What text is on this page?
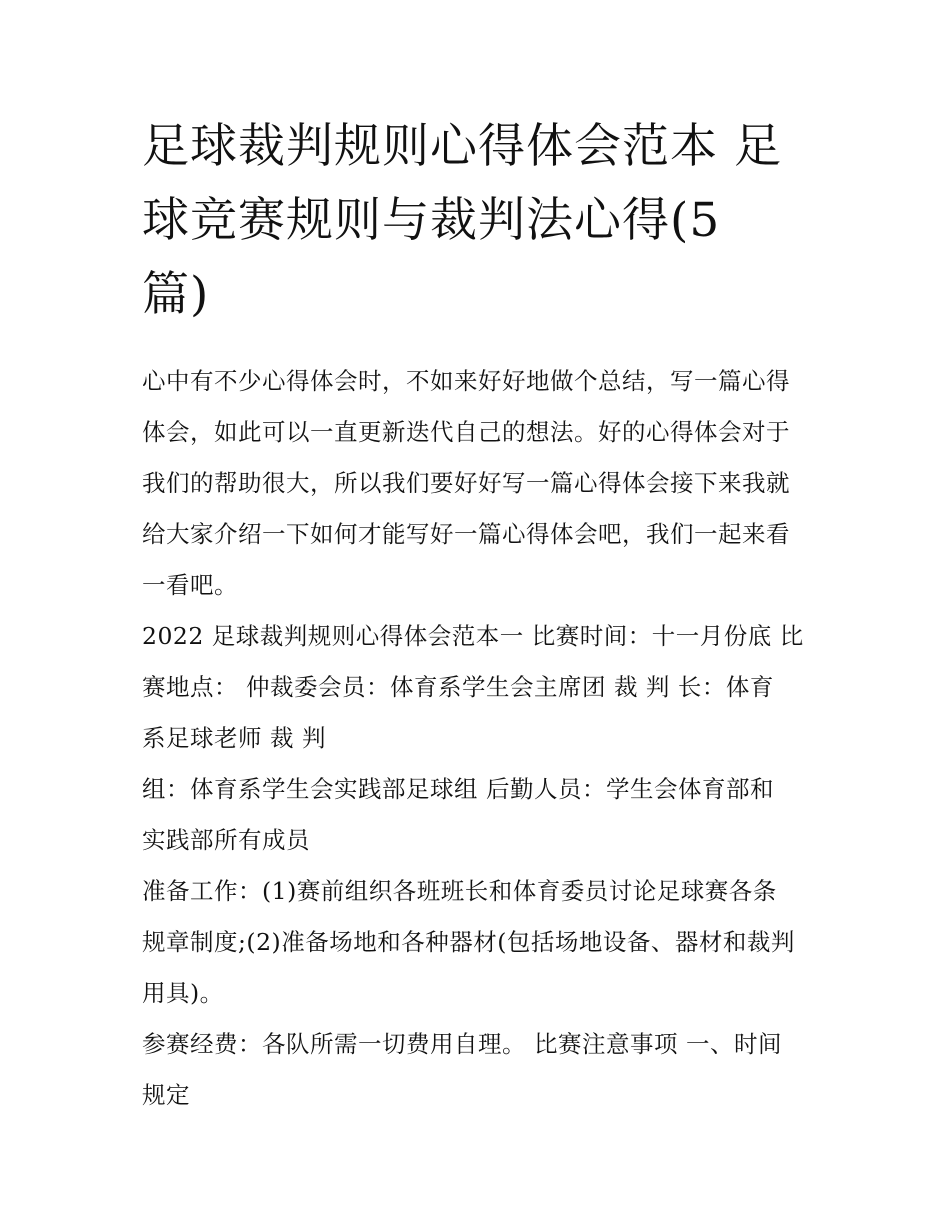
足球裁判规则心得体会范本 足
球竞赛规则与裁判法心得(5
篇)
心中有不少心得体会时，不如来好好地做个总结，写一篇心得
体会，如此可以一直更新迭代自己的想法。好的心得体会对于
我们的帮助很大，所以我们要好好写一篇心得体会接下来我就
给大家介绍一下如何才能写好一篇心得体会吧，我们一起来看
一看吧。
2022 足球裁判规则心得体会范本一 比赛时间：十一月份底 比
赛地点： 仲裁委会员：体育系学生会主席团 裁 判 长：体育
系足球老师 裁 判
组：体育系学生会实践部足球组 后勤人员：学生会体育部和
实践部所有成员
准备工作：(1)赛前组织各班班长和体育委员讨论足球赛各条
规章制度;(2)准备场地和各种器材(包括场地设备、器材和裁判
用具)。
参赛经费：各队所需一切费用自理。 比赛注意事项 一、时间
规定
